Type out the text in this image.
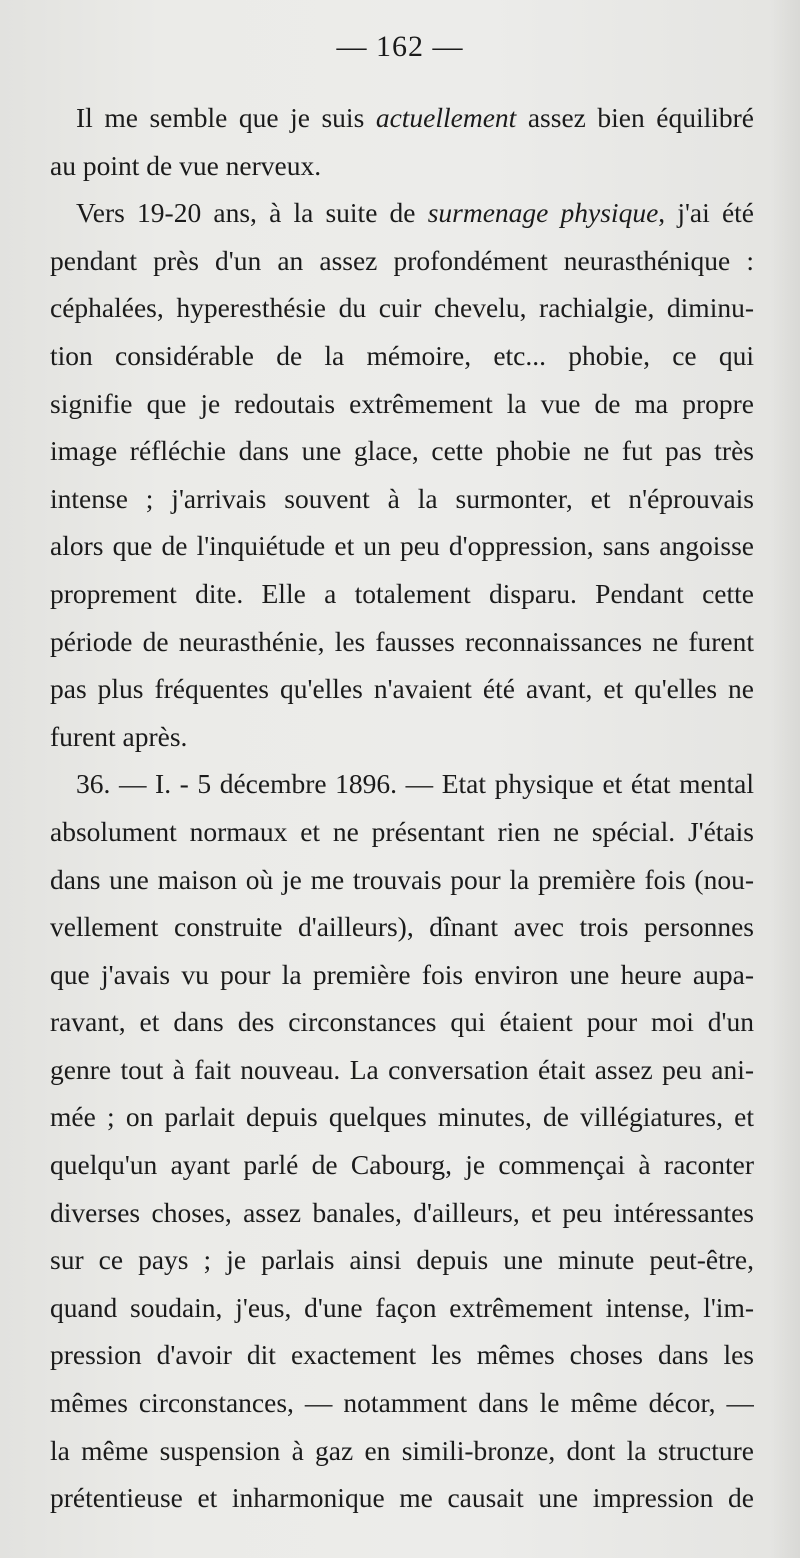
— 162 —
Il me semble que je suis actuellement assez bien équilibré
au point de vue nerveux.
Vers 19-20 ans, à la suite de surmenage physique, j'ai été
pendant près d'un an assez profondément neurasthénique :
céphalées, hyperesthésie du cuir chevelu, rachialgie, diminu-
tion considérable de la mémoire, etc... phobie, ce qui
signifie que je redoutais extrêmement la vue de ma propre
image réfléchie dans une glace, cette phobie ne fut pas très
intense ; j'arrivais souvent à la surmonter, et n'éprouvais
alors que de l'inquiétude et un peu d'oppression, sans angoisse
proprement dite. Elle a totalement disparu. Pendant cette
période de neurasthénie, les fausses reconnaissances ne furent
pas plus fréquentes qu'elles n'avaient été avant, et qu'elles ne
furent après.
36. — I. - 5 décembre 1896. — Etat physique et état mental
absolument normaux et ne présentant rien ne spécial. J'étais
dans une maison où je me trouvais pour la première fois (nou-
vellement construite d'ailleurs), dînant avec trois personnes
que j'avais vu pour la première fois environ une heure aupa-
ravant, et dans des circonstances qui étaient pour moi d'un
genre tout à fait nouveau. La conversation était assez peu ani-
mée ; on parlait depuis quelques minutes, de villégiatures, et
quelqu'un ayant parlé de Cabourg, je commençai à raconter
diverses choses, assez banales, d'ailleurs, et peu intéressantes
sur ce pays ; je parlais ainsi depuis une minute peut-être,
quand soudain, j'eus, d'une façon extrêmement intense, l'im-
pression d'avoir dit exactement les mêmes choses dans les
mêmes circonstances, — notamment dans le même décor, —
la même suspension à gaz en simili-bronze, dont la structure
prétentieuse et inharmonique me causait une impression de
